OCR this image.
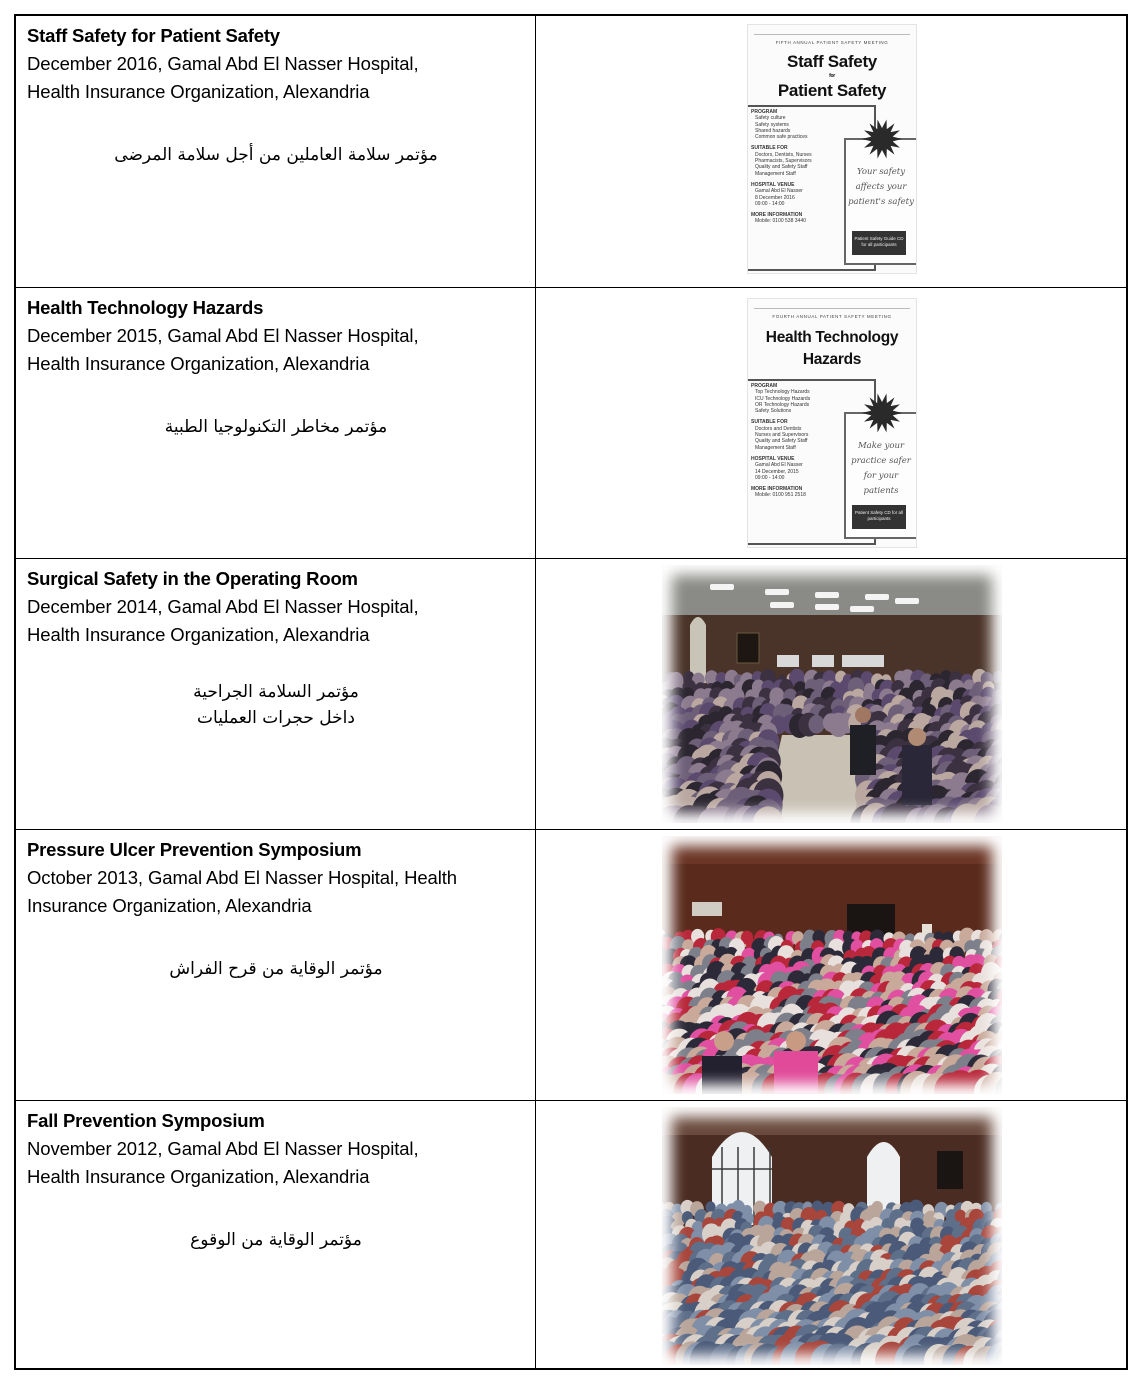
Staff Safety for Patient Safety
December 2016, Gamal Abd El Nasser Hospital, Health Insurance Organization, Alexandria
مؤتمر سلامة العاملين من أجل سلامة المرضى
FIFTH ANNUAL PATIENT SAFETY MEETING
Staff Safety
for
Patient Safety
PROGRAM
Safety culture
Safety systems
Shared hazards
Common safe practices
SUITABLE FOR
Doctors, Dentists, Nurses
Pharmacists, Supervisors
Quality and Safety Staff
Management Staff
HOSPITAL VENUE
Gamal Abd El Nasser
8 December 2016
09:00 - 14:00
MORE INFORMATION
Mobile: 0100 538 3440
Your safety affects your patient's safety
Patient Safety Guide CD for all participants
Health Technology Hazards
December 2015, Gamal Abd El Nasser Hospital, Health Insurance Organization, Alexandria
مؤتمر مخاطر التكنولوجيا الطبية
FOURTH ANNUAL PATIENT SAFETY MEETING
Health Technology
Hazards
PROGRAM
Top Technology Hazards
ICU Technology Hazards
OR Technology Hazards
Safety Solutions
SUITABLE FOR
Doctors and Dentists
Nurses and Supervisors
Quality and Safety Staff
Management Staff
HOSPITAL VENUE
Gamal Abd El Nasser
14 December, 2015
09:00 - 14:00
MORE INFORMATION
Mobile: 0100 951 2518
Make your practice safer for your patients
Patient Safety CD for all participants
Surgical Safety in the Operating Room
December 2014, Gamal Abd El Nasser Hospital, Health Insurance Organization, Alexandria
مؤتمر السلامة الجراحية
داخل حجرات العمليات
Pressure Ulcer Prevention Symposium
October 2013, Gamal Abd El Nasser Hospital, Health Insurance Organization, Alexandria
مؤتمر الوقاية من قرح الفراش
Fall Prevention Symposium
November 2012, Gamal Abd El Nasser Hospital, Health Insurance Organization, Alexandria
مؤتمر الوقاية من الوقوع
